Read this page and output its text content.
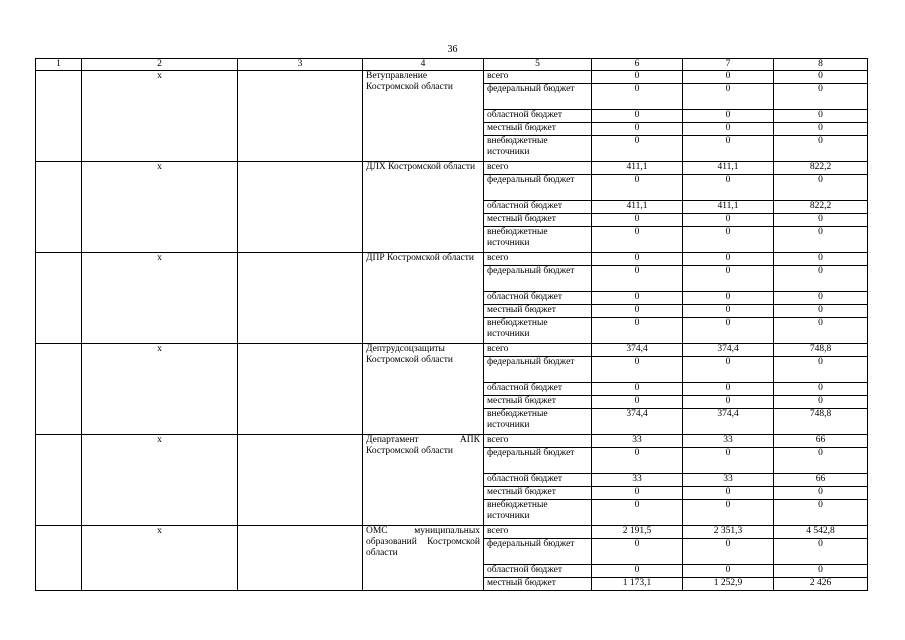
36
1	2	3	4	5	6	7	8
	х		Ветуправление Костромской области	всего	0	0	0
				федеральный бюджет	0	0	0
				областной бюджет	0	0	0
				местный бюджет	0	0	0
				внебюджетные источники	0	0	0
	х		ДЛХ Костромской области	всего	411,1	411,1	822,2
				федеральный бюджет	0	0	0
				областной бюджет	411,1	411,1	822,2
				местный бюджет	0	0	0
				внебюджетные источники	0	0	0
	х		ДПР Костромской области	всего	0	0	0
				федеральный бюджет	0	0	0
				областной бюджет	0	0	0
				местный бюджет	0	0	0
				внебюджетные источники	0	0	0
	х		Дептрудсоцзащиты Костромской области	всего	374,4	374,4	748,8
				федеральный бюджет	0	0	0
				областной бюджет	0	0	0
				местный бюджет	0	0	0
				внебюджетные источники	374,4	374,4	748,8
	х		Департамент АПК Костромской области	всего	33	33	66
				федеральный бюджет	0	0	0
				областной бюджет	33	33	66
				местный бюджет	0	0	0
				внебюджетные источники	0	0	0
	х		ОМС муниципальных образований Костромской области	всего	2 191,5	2 351,3	4 542,8
				федеральный бюджет	0	0	0
				областной бюджет	0	0	0
				местный бюджет	1 173,1	1 252,9	2 426
